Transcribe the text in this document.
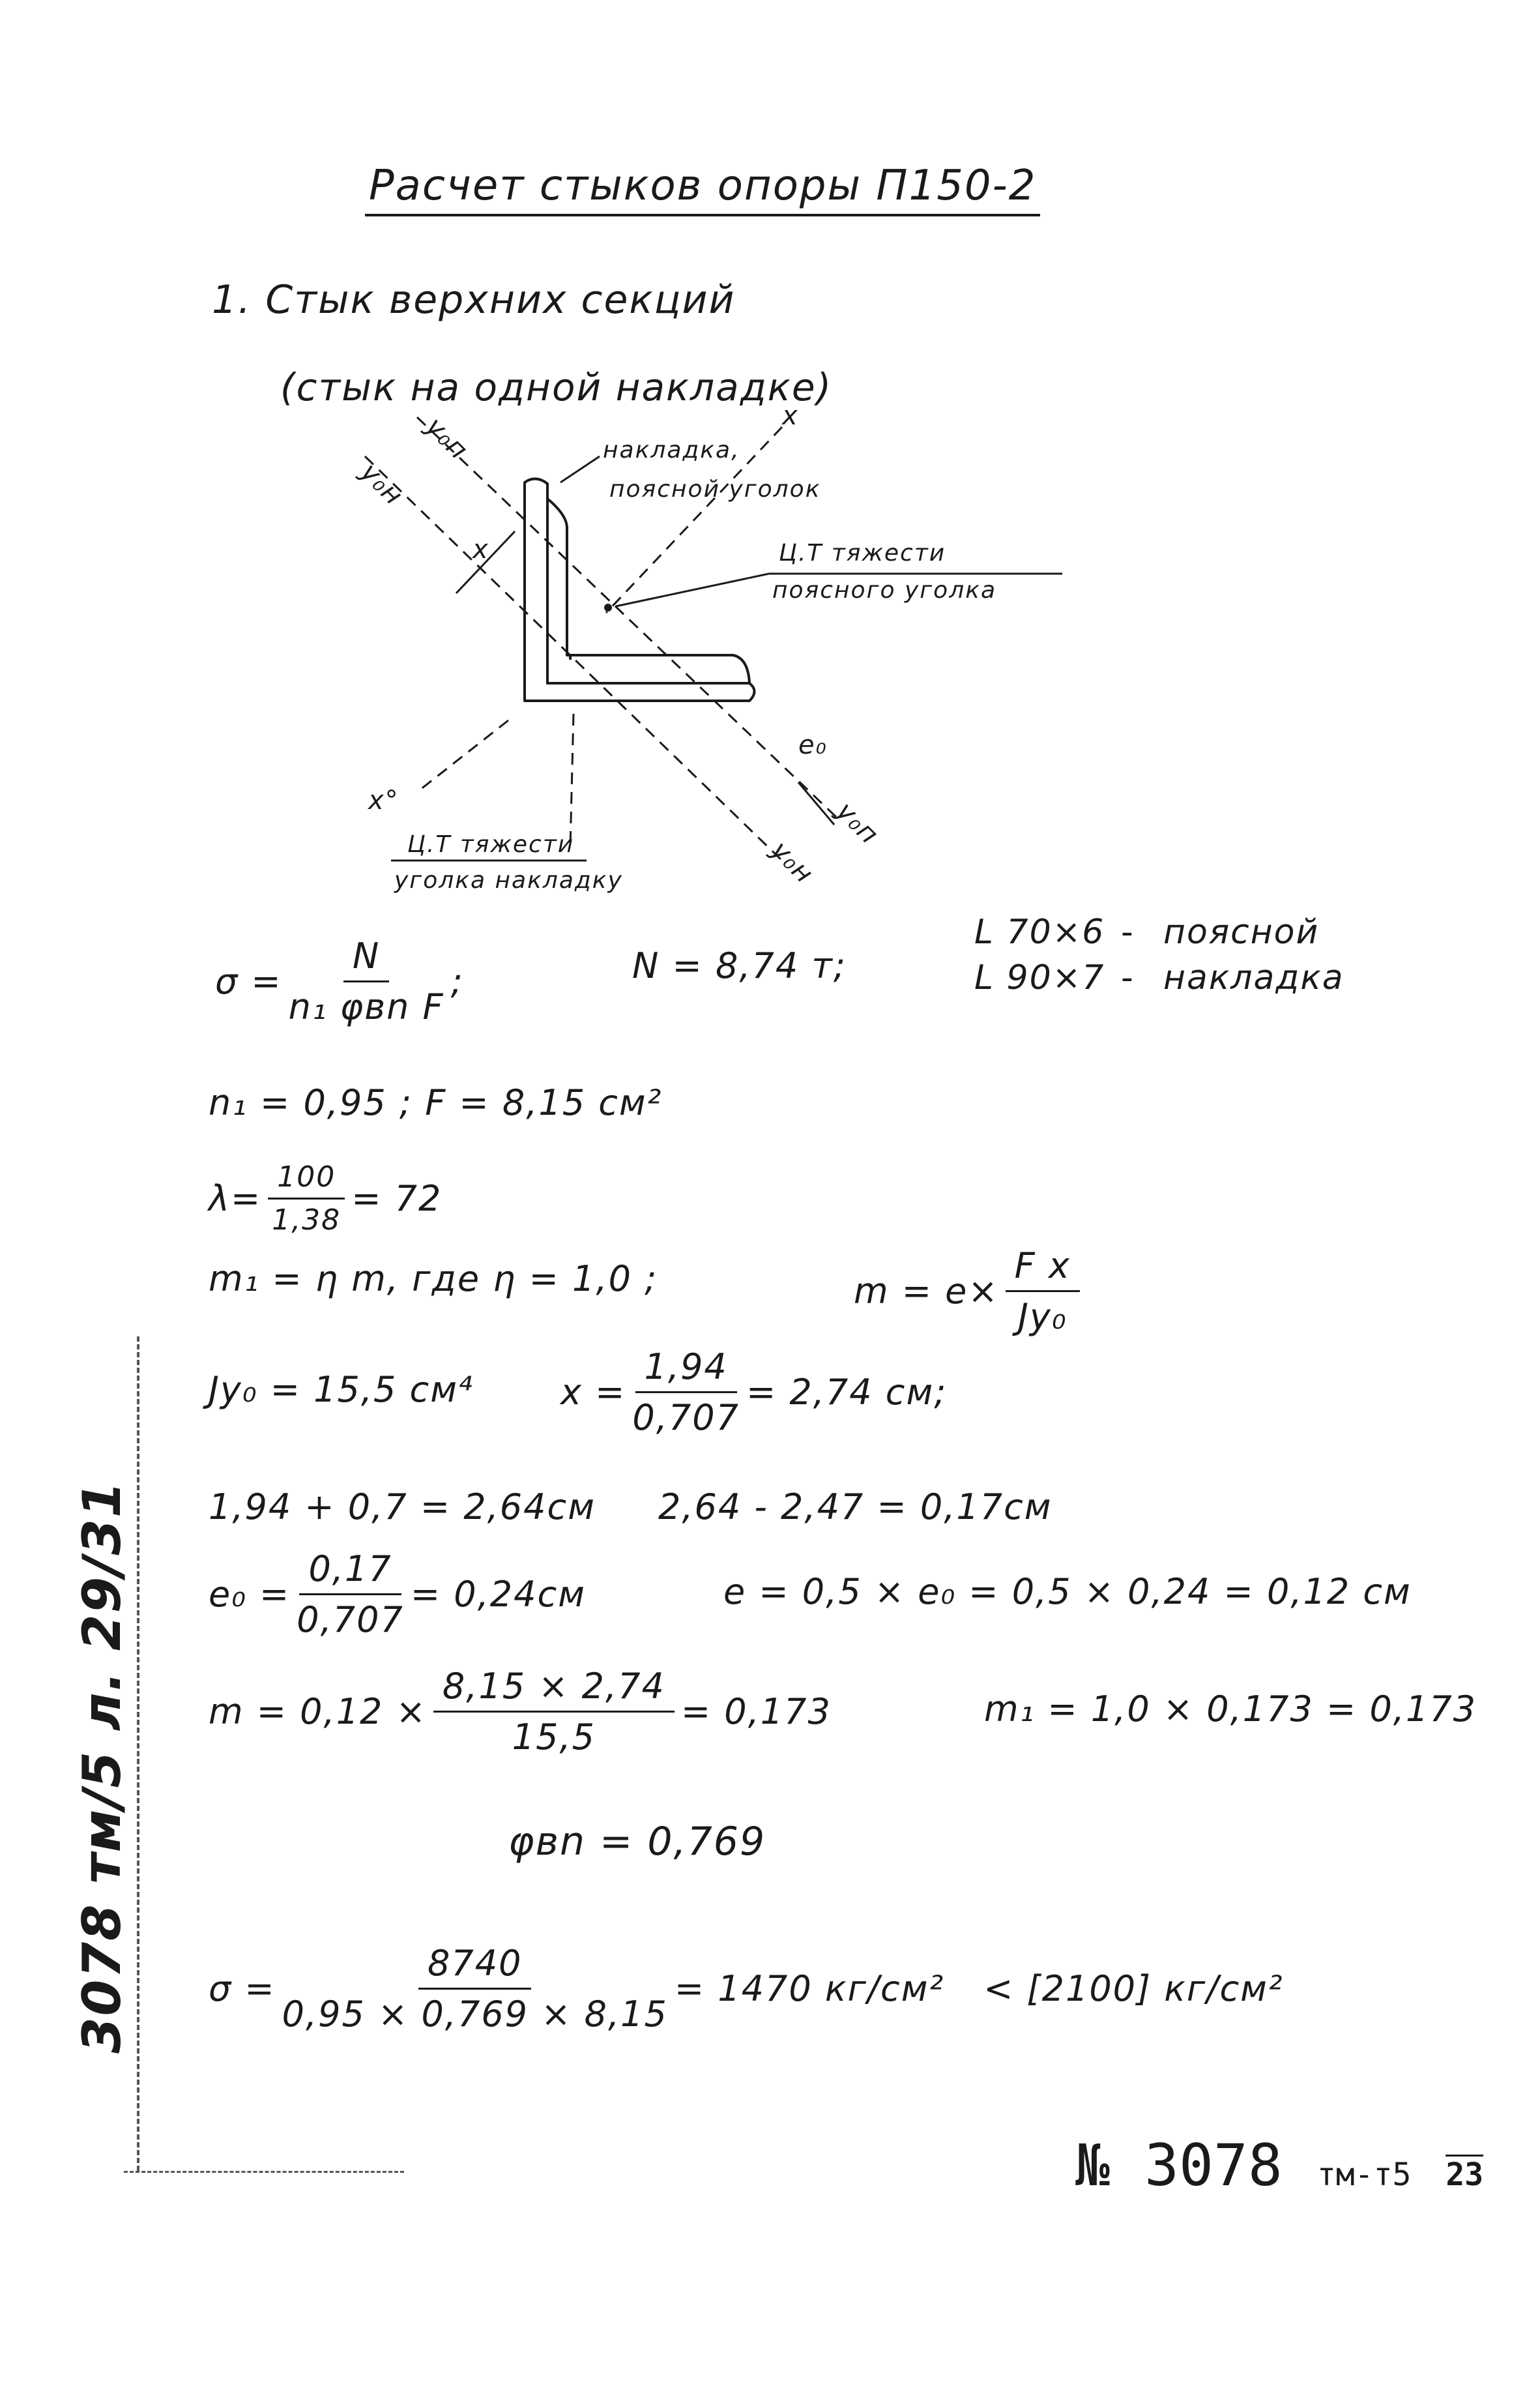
Расчет стыков опоры П150-2
1. Стык верхних секций
(стык на одной накладке)
накладка,
поясной уголок
Ц.Т тяжести
поясного уголка
Ц.Т тяжести
уголка накладку
у₀н
у₀п
у₀п
у₀н
х
х
х°
e₀
L 70×6 поясной
-
L 90×7 - накладка
$\sigma = \frac{N}{\text{n₁ φвn F}}$ ;	N = 8,74 т;
n₁ = 0,95 ; F = 8,15 см²
$\lambda= \frac{100}{1,38} = 72$
m₁ = η m, где η = 1,0 ;	$m = e\times \frac{\text{F x}}{\text{Jу₀}}$
Jу₀ = 15,5 см⁴ $x = \frac{1,94}{0,707} = 2,74$ см;
1,94 + 0,7 = 2,64см 2,64 - 2,47 = 0,17см
$e_0 = \frac{0,17}{0,707} = 0,24см$	e = 0,5 × e₀ = 0,5 × 0,24 = 0,12 см
$m = 0,12 \times \frac{8,15 \times 2,74}{15,5} = 0,173$	m₁ = 1,0 × 0,173 = 0,173
φвn = 0,769
$\sigma = \frac{8740}{0,95 \times 0,769 \times 8,15} = 1470$ кг/см² < [2100] кг/см²
3078 тм/5 л. 29/31
№ 3078 тм-т5 23
